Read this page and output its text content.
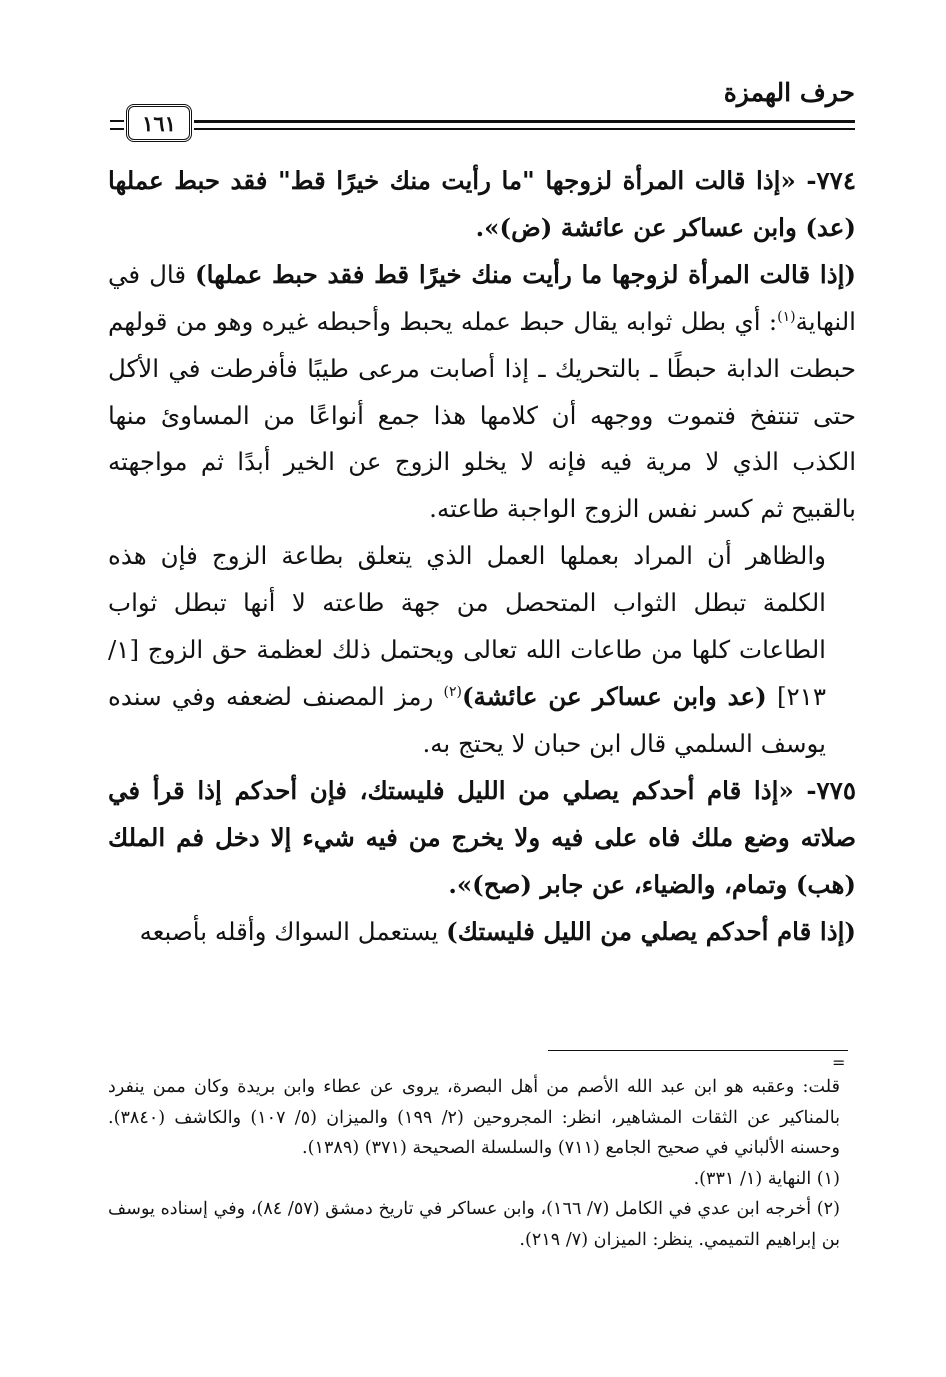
حرف الهمزة
١٦١

٧٧٤- «إذا قالت المرأة لزوجها "ما رأيت منك خيرًا قط" فقد حبط عملها (عد) وابن عساكر عن عائشة (ض)».

(إذا قالت المرأة لزوجها ما رأيت منك خيرًا قط فقد حبط عملها) قال في النهاية$^{(١)}$: أي بطل ثوابه يقال حبط عمله يحبط وأحبطه غيره وهو من قولهم حبطت الدابة حبطًا ـ بالتحريك ـ إذا أصابت مرعى طيبًا فأفرطت في الأكل حتى تنتفخ فتموت ووجهه أن كلامها هذا جمع أنواعًا من المساوئ منها الكذب الذي لا مرية فيه فإنه لا يخلو الزوج عن الخير أبدًا ثم مواجهته بالقبيح ثم كسر نفس الزوج الواجبة طاعته.

والظاهر أن المراد بعملها العمل الذي يتعلق بطاعة الزوج فإن هذه الكلمة تبطل الثواب المتحصل من جهة طاعته لا أنها تبطل ثواب الطاعات كلها من طاعات الله تعالى ويحتمل ذلك لعظمة حق الزوج [١/ ٢١٣] (عد وابن عساكر عن عائشة)$^{(٢)}$ رمز المصنف لضعفه وفي سنده يوسف السلمي قال ابن حبان لا يحتج به.

٧٧٥- «إذا قام أحدكم يصلي من الليل فليستك، فإن أحدكم إذا قرأ في صلاته وضع ملك فاه على فيه ولا يخرج من فيه شيء إلا دخل فم الملك (هب) وتمام، والضياء، عن جابر (صح)».

(إذا قام أحدكم يصلي من الليل فليستك) يستعمل السواك وأقله بأصبعه

=

قلت: وعقبه هو ابن عبد الله الأصم من أهل البصرة، يروى عن عطاء وابن بريدة وكان ممن ينفرد بالمناكير عن الثقات المشاهير، انظر: المجروحين (٢/ ١٩٩) والميزان (٥/ ١٠٧) والكاشف (٣٨٤٠). وحسنه الألباني في صحيح الجامع (٧١١) والسلسلة الصحيحة (٣٧١) (١٣٨٩).

(١) النهاية (١/ ٣٣١).

(٢) أخرجه ابن عدي في الكامل (٧/ ١٦٦)، وابن عساكر في تاريخ دمشق (٥٧/ ٨٤)، وفي إسناده يوسف بن إبراهيم التميمي. ينظر: الميزان (٧/ ٢١٩).
